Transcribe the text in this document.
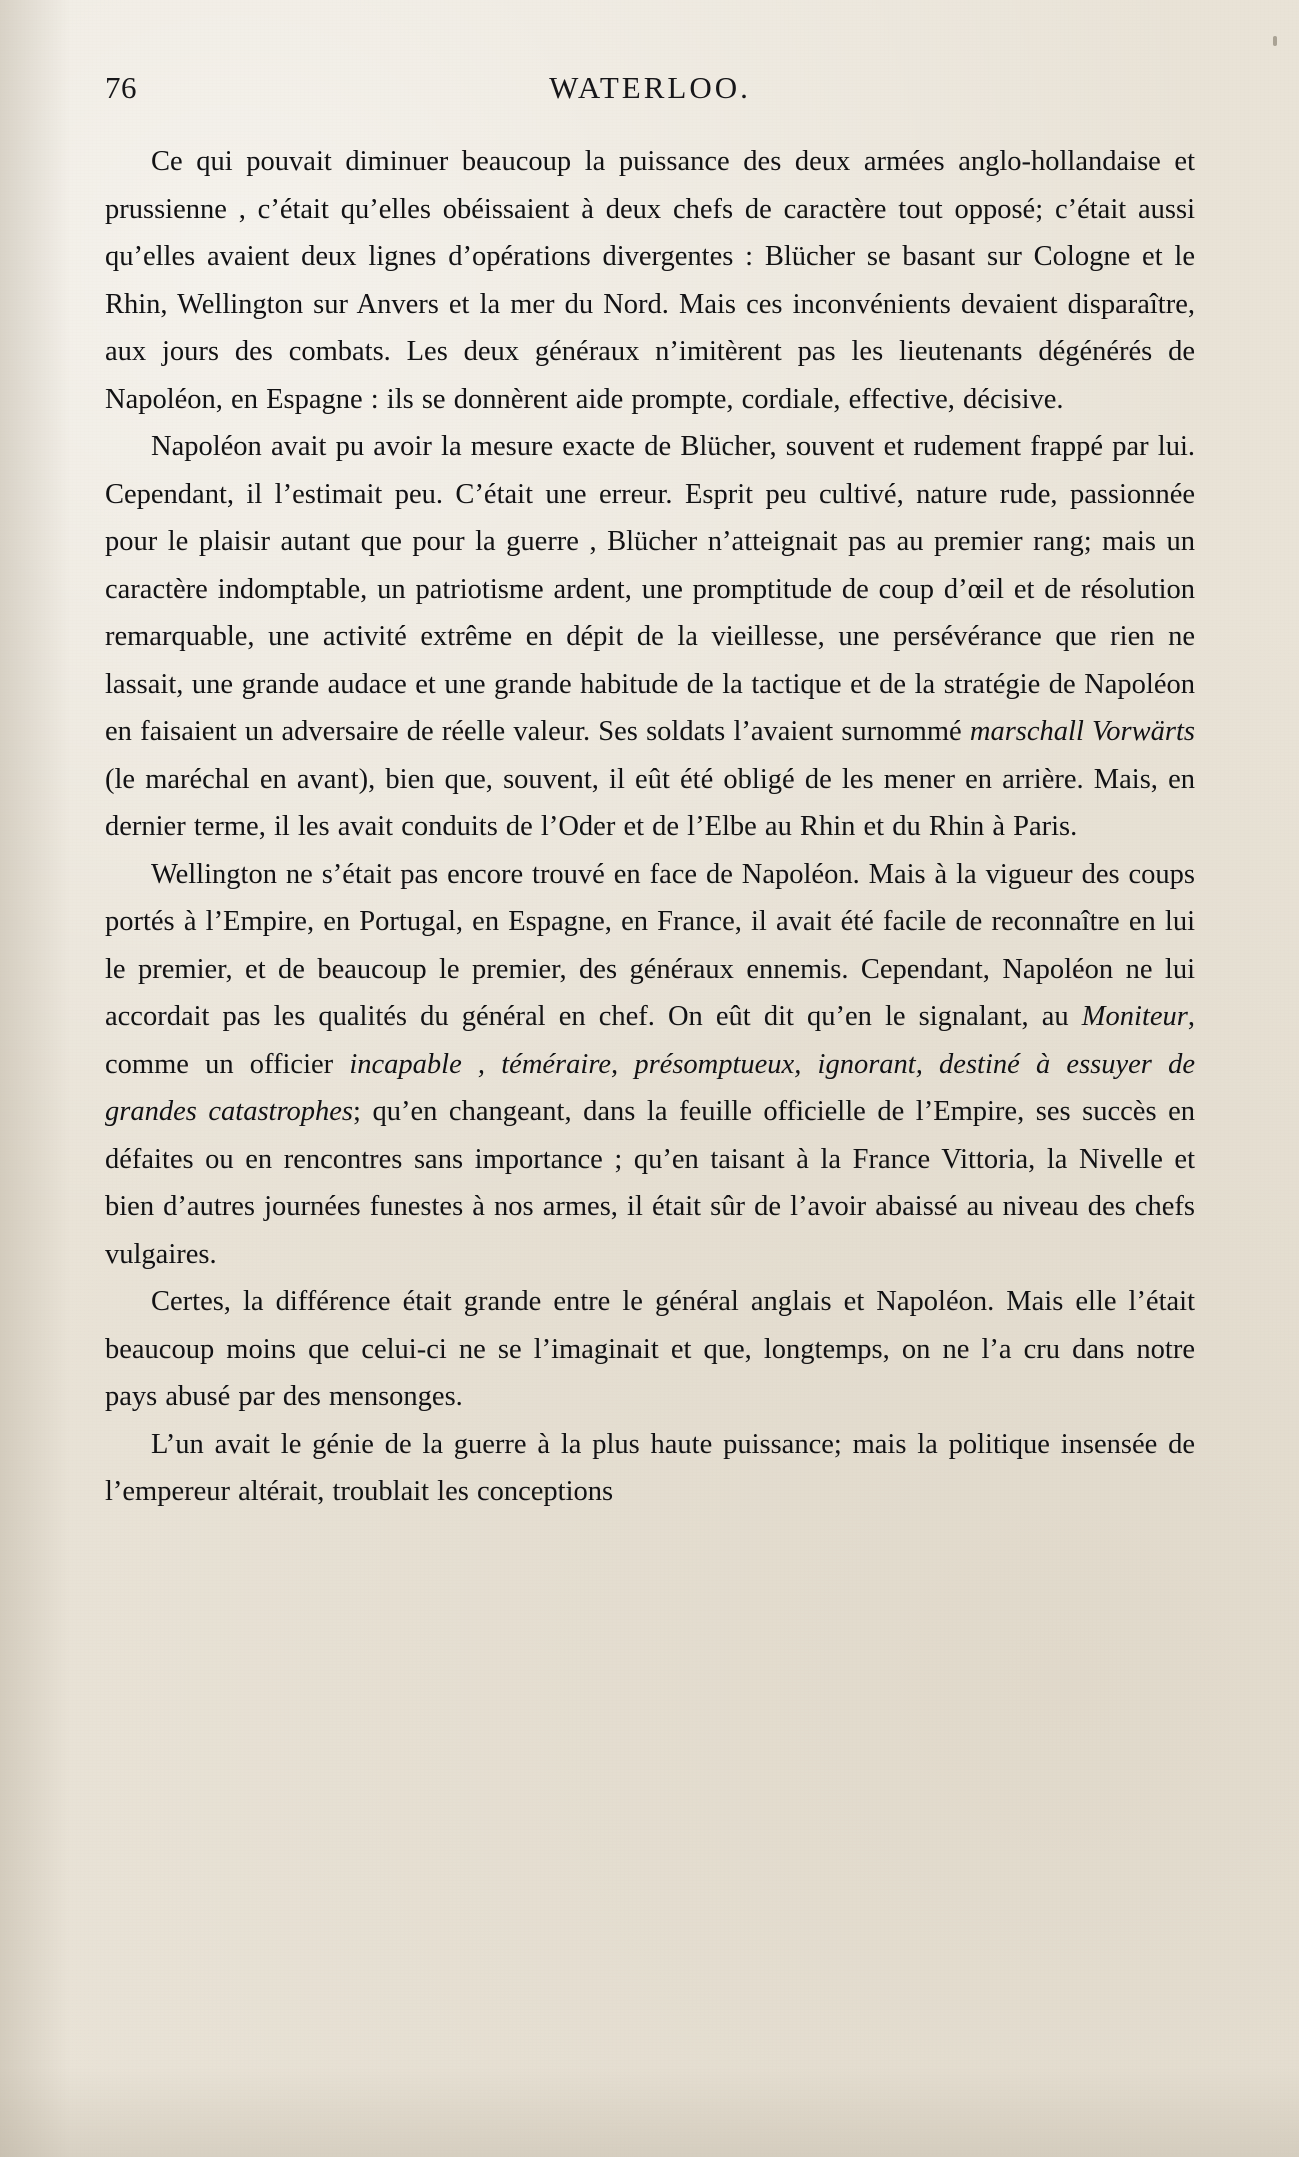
76	WATERLOO.

Ce qui pouvait diminuer beaucoup la puissance des deux armées anglo-hollandaise et prussienne , c’était qu’elles obéissaient à deux chefs de caractère tout opposé; c’était aussi qu’elles avaient deux lignes d’opérations divergentes : Blücher se basant sur Cologne et le Rhin, Wellington sur Anvers et la mer du Nord. Mais ces inconvénients devaient disparaître, aux jours des combats. Les deux généraux n’imitèrent pas les lieutenants dégénérés de Napoléon, en Espagne : ils se donnèrent aide prompte, cordiale, effective, décisive.

Napoléon avait pu avoir la mesure exacte de Blücher, souvent et rudement frappé par lui. Cependant, il l’estimait peu. C’était une erreur. Esprit peu cultivé, nature rude, passionnée pour le plaisir autant que pour la guerre , Blücher n’atteignait pas au premier rang; mais un caractère indomptable, un patriotisme ardent, une promptitude de coup d’œil et de résolution remarquable, une activité extrême en dépit de la vieillesse, une persévérance que rien ne lassait, une grande audace et une grande habitude de la tactique et de la stratégie de Napoléon en faisaient un adversaire de réelle valeur. Ses soldats l’avaient surnommé marschall Vorwärts (le maréchal en avant), bien que, souvent, il eût été obligé de les mener en arrière. Mais, en dernier terme, il les avait conduits de l’Oder et de l’Elbe au Rhin et du Rhin à Paris.

Wellington ne s’était pas encore trouvé en face de Napoléon. Mais à la vigueur des coups portés à l’Empire, en Portugal, en Espagne, en France, il avait été facile de reconnaître en lui le premier, et de beaucoup le premier, des généraux ennemis. Cependant, Napoléon ne lui accordait pas les qualités du général en chef. On eût dit qu’en le signalant, au Moniteur, comme un officier incapable , téméraire, présomptueux, ignorant, destiné à essuyer de grandes catastrophes; qu’en changeant, dans la feuille officielle de l’Empire, ses succès en défaites ou en rencontres sans importance ; qu’en taisant à la France Vittoria, la Nivelle et bien d’autres journées funestes à nos armes, il était sûr de l’avoir abaissé au niveau des chefs vulgaires.

Certes, la différence était grande entre le général anglais et Napoléon. Mais elle l’était beaucoup moins que celui-ci ne se l’imaginait et que, longtemps, on ne l’a cru dans notre pays abusé par des mensonges.

L’un avait le génie de la guerre à la plus haute puissance; mais la politique insensée de l’empereur altérait, troublait les conceptions
